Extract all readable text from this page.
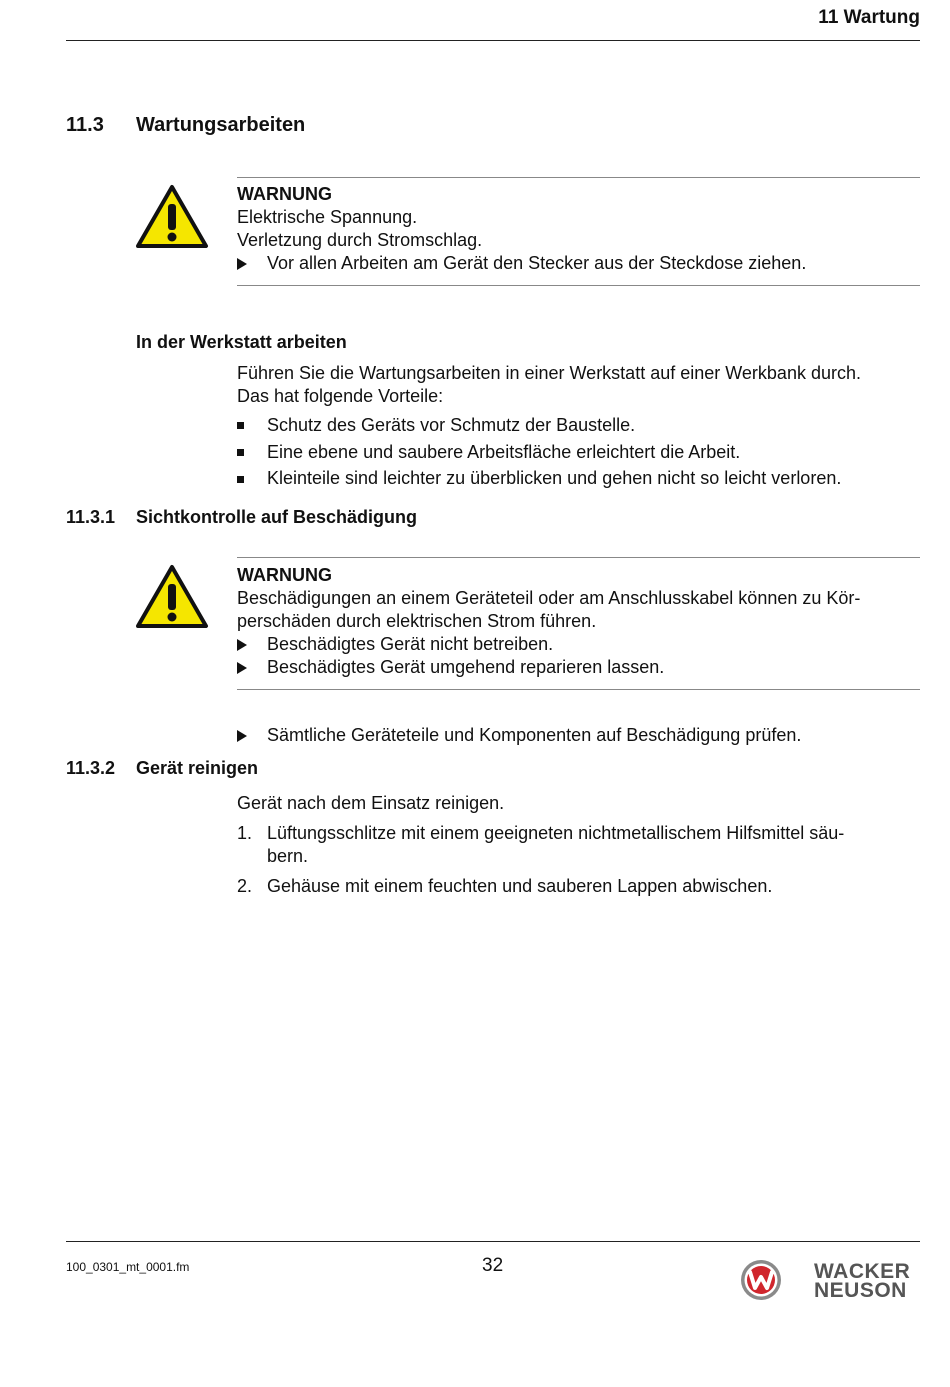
11 Wartung
11.3 Wartungsarbeiten
WARNUNG
Elektrische Spannung.
Verletzung durch Stromschlag.
Vor allen Arbeiten am Gerät den Stecker aus der Steckdose ziehen.
In der Werkstatt arbeiten
Führen Sie die Wartungsarbeiten in einer Werkstatt auf einer Werkbank durch.
Das hat folgende Vorteile:
Schutz des Geräts vor Schmutz der Baustelle.
Eine ebene und saubere Arbeitsfläche erleichtert die Arbeit.
Kleinteile sind leichter zu überblicken und gehen nicht so leicht verloren.
11.3.1 Sichtkontrolle auf Beschädigung
WARNUNG
Beschädigungen an einem Geräteteil oder am Anschlusskabel können zu Kör-
perschäden durch elektrischen Strom führen.
Beschädigtes Gerät nicht betreiben.
Beschädigtes Gerät umgehend reparieren lassen.
Sämtliche Geräteteile und Komponenten auf Beschädigung prüfen.
11.3.2 Gerät reinigen
Gerät nach dem Einsatz reinigen.
1. Lüftungsschlitze mit einem geeigneten nichtmetallischem Hilfsmittel säu-
bern.
2. Gehäuse mit einem feuchten und sauberen Lappen abwischen.
100_0301_mt_0001.fm	32	WACKER
NEUSON
